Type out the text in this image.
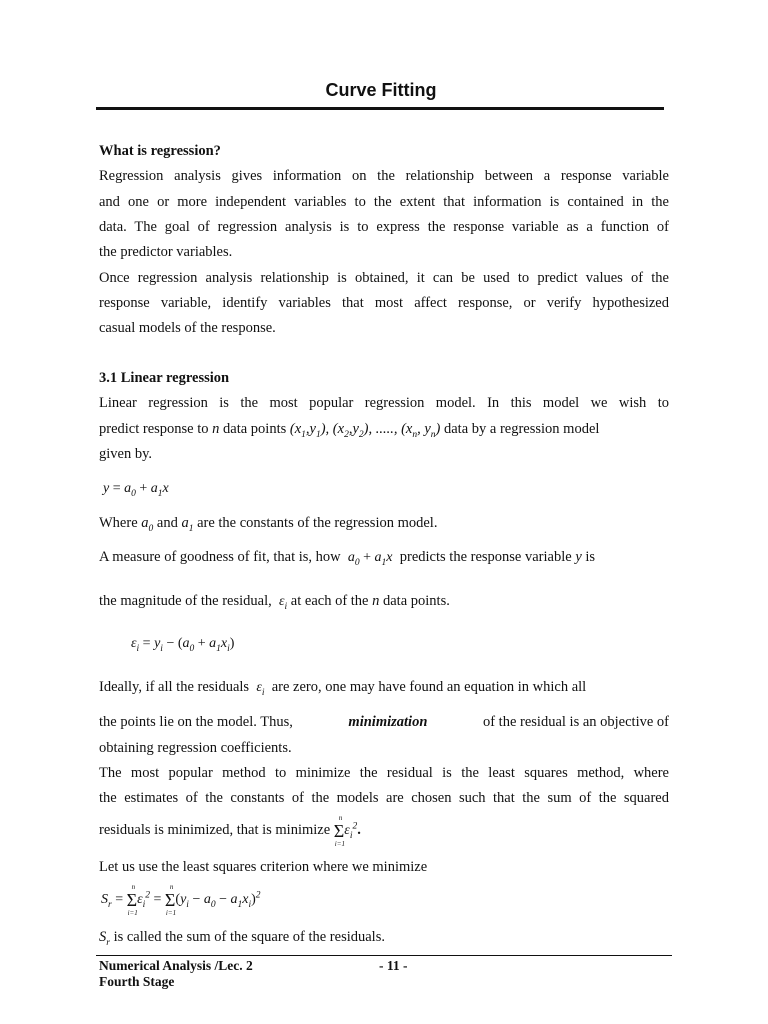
Curve Fitting
What is regression?
Regression analysis gives information on the relationship between a response variable
and one or more independent variables to the extent that information is contained in the
data. The goal of regression analysis is to express the response variable as a function of
the predictor variables.
Once regression analysis relationship is obtained, it can be used to predict values of the
response variable, identify variables that most affect response, or verify hypothesized
casual models of the response.
3.1 Linear regression
Linear regression is the most popular regression model. In this model we wish to
predict response to n data points $(x_1,y_1)$, $(x_2,y_2)$, ....., ($x_n$, $y_n$) data by a regression model
given by.
$y = a_0 + a_1x$
Where $a_0$ and $a_1$ are the constants of the regression model.
A measure of goodness of fit, that is, how $a_0 + a_1x$ predicts the response variable y is
the magnitude of the residual, $\varepsilon_i$ at each of the n data points.
$\varepsilon_i = y_i - (a_0 + a_1x_i)$
Ideally, if all the residuals $\varepsilon_i$ are zero, one may have found an equation in which all
the points lie on the model. Thus,	minimization	of the residual is an objective of
obtaining regression coefficients.
The most popular method to minimize the residual is the least squares method, where
the estimates of the constants of the models are chosen such that the sum of the squared
residuals is minimized, that is minimize Σ
n
i=1
$\varepsilon_i^2$.
Let us use the least squares criterion where we minimize
$S_r = \Sigma$
n
i=1
$\varepsilon_i^2 = \Sigma$
n
i=1
$(y_i - a_0 - a_1x_i)^2$
$S_r$ is called the sum of the square of the residuals.
Numerical Analysis /Lec. 2	- 11 -
Fourth Stage
